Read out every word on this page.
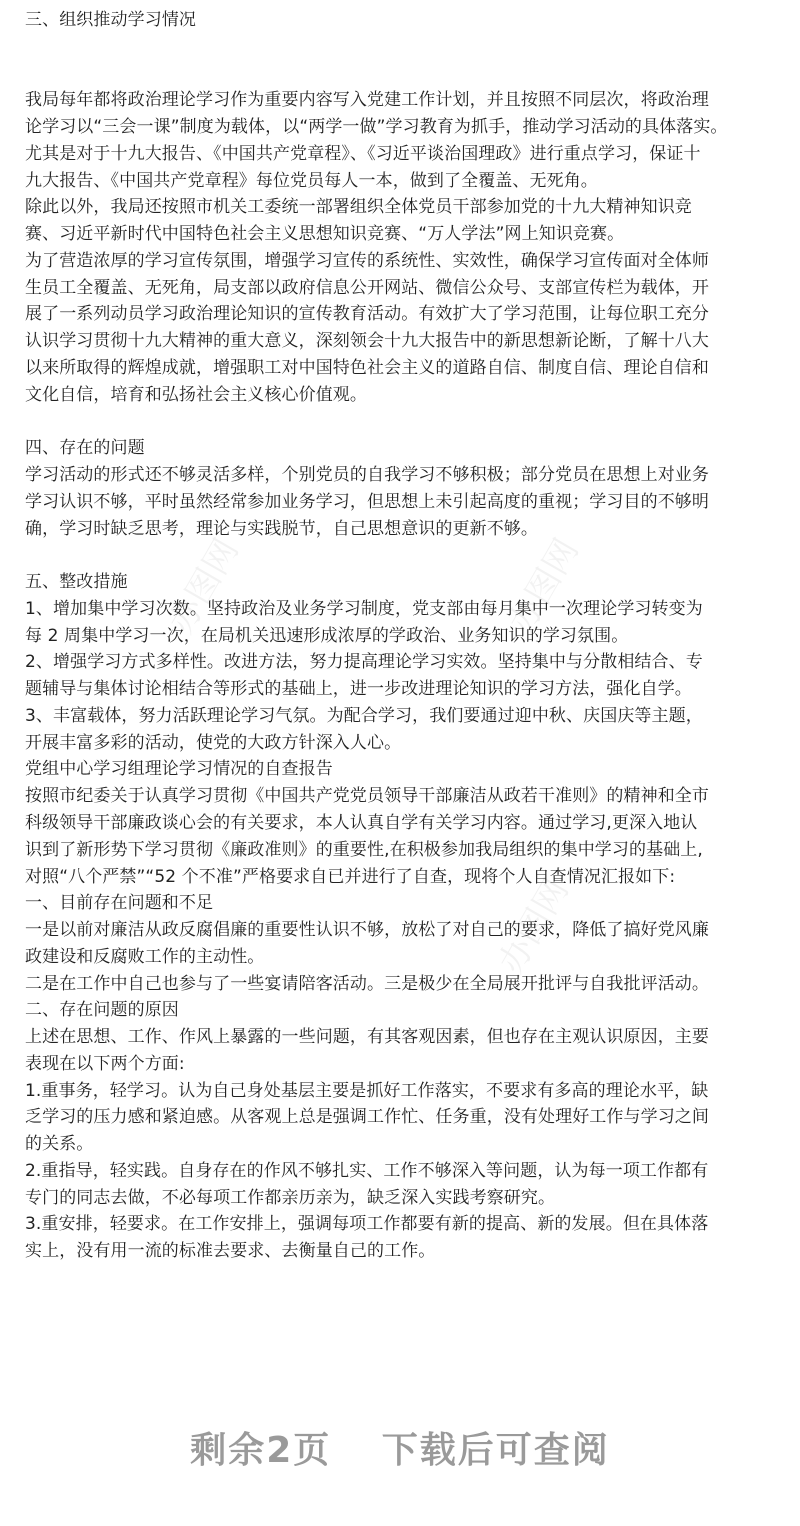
三、组织推动学习情况
我局每年都将政治理论学习作为重要内容写入党建工作计划，并且按照不同层次，将政治理
论学习以“三会一课”制度为载体，以“两学一做”学习教育为抓手，推动学习活动的具体落实。
尤其是对于十九大报告、《中国共产党章程》、《习近平谈治国理政》进行重点学习，保证十
九大报告、《中国共产党章程》每位党员每人一本，做到了全覆盖、无死角。
除此以外，我局还按照市机关工委统一部署组织全体党员干部参加党的十九大精神知识竞
赛、习近平新时代中国特色社会主义思想知识竞赛、“万人学法”网上知识竞赛。
为了营造浓厚的学习宣传氛围，增强学习宣传的系统性、实效性，确保学习宣传面对全体师
生员工全覆盖、无死角，局支部以政府信息公开网站、微信公众号、支部宣传栏为载体，开
展了一系列动员学习政治理论知识的宣传教育活动。有效扩大了学习范围，让每位职工充分
认识学习贯彻十九大精神的重大意义，深刻领会十九大报告中的新思想新论断，了解十八大
以来所取得的辉煌成就，增强职工对中国特色社会主义的道路自信、制度自信、理论自信和
文化自信，培育和弘扬社会主义核心价值观。
四、存在的问题
学习活动的形式还不够灵活多样，个别党员的自我学习不够积极；部分党员在思想上对业务
学习认识不够，平时虽然经常参加业务学习，但思想上未引起高度的重视；学习目的不够明
确，学习时缺乏思考，理论与实践脱节，自己思想意识的更新不够。
五、整改措施
1、增加集中学习次数。坚持政治及业务学习制度，党支部由每月集中一次理论学习转变为
每 2 周集中学习一次，在局机关迅速形成浓厚的学政治、业务知识的学习氛围。
2、增强学习方式多样性。改进方法，努力提高理论学习实效。坚持集中与分散相结合、专
题辅导与集体讨论相结合等形式的基础上，进一步改进理论知识的学习方法，强化自学。
3、丰富载体，努力活跃理论学习气氛。为配合学习，我们要通过迎中秋、庆国庆等主题，
开展丰富多彩的活动，使党的大政方针深入人心。
党组中心学习组理论学习情况的自查报告
按照市纪委关于认真学习贯彻《中国共产党党员领导干部廉洁从政若干准则》的精神和全市
科级领导干部廉政谈心会的有关要求，本人认真自学有关学习内容。通过学习,更深入地认
识到了新形势下学习贯彻《廉政准则》的重要性,在积极参加我局组织的集中学习的基础上,
对照“八个严禁”“52 个不准”严格要求自已并进行了自查，现将个人自查情况汇报如下:
一、目前存在问题和不足
一是以前对廉洁从政反腐倡廉的重要性认识不够，放松了对自己的要求，降低了搞好党风廉
政建设和反腐败工作的主动性。
二是在工作中自己也参与了一些宴请陪客活动。三是极少在全局展开批评与自我批评活动。
二、存在问题的原因
上述在思想、工作、作风上暴露的一些问题，有其客观因素，但也存在主观认识原因，主要
表现在以下两个方面:
1.重事务，轻学习。认为自己身处基层主要是抓好工作落实，不要求有多高的理论水平，缺
乏学习的压力感和紧迫感。从客观上总是强调工作忙、任务重，没有处理好工作与学习之间
的关系。
2.重指导，轻实践。自身存在的作风不够扎实、工作不够深入等问题，认为每一项工作都有
专门的同志去做，不必每项工作都亲历亲为，缺乏深入实践考察研究。
3.重安排，轻要求。在工作安排上，强调每项工作都要有新的提高、新的发展。但在具体落
实上，没有用一流的标准去要求、去衡量自己的工作。
办图网	办图网
办图网
剩余2页 下载后可查阅
